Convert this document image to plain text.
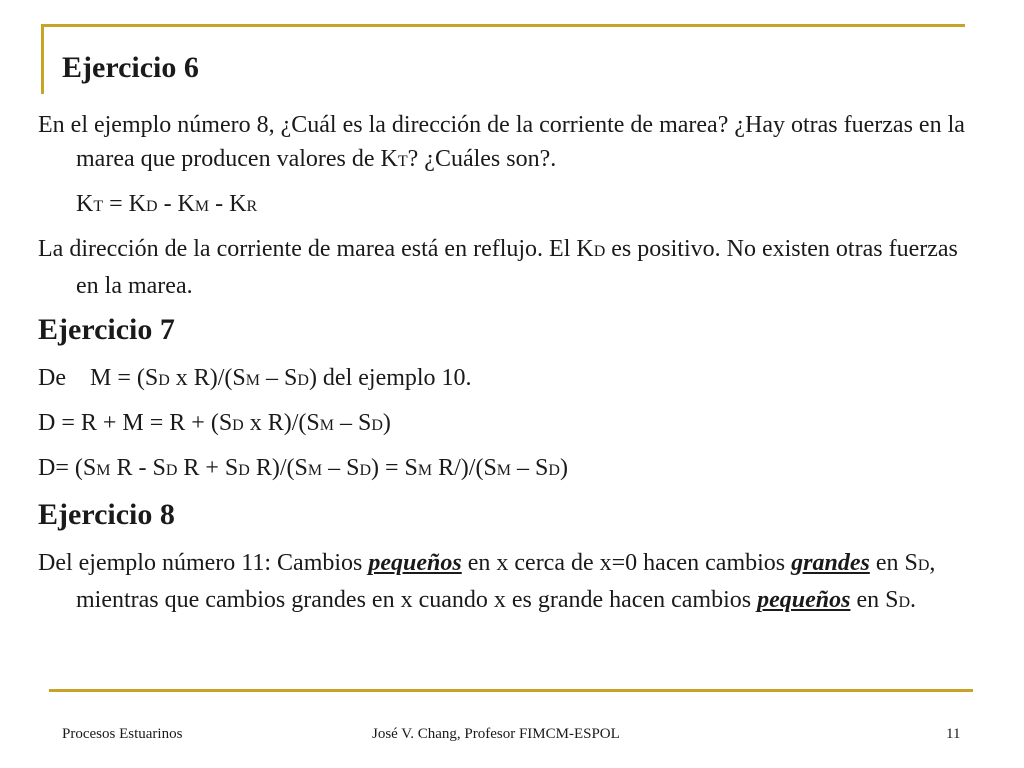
Ejercicio 6

En el ejemplo número 8, ¿Cuál es la dirección de la corriente de marea? ¿Hay otras fuerzas en la marea que producen valores de KT? ¿Cuáles son?.

KT = KD - KM - KR

La dirección de la corriente de marea está en reflujo. El KD es positivo. No existen otras fuerzas en la marea.

Ejercicio 7

De M = (SD x R)/(SM – SD) del ejemplo 10.

D = R + M = R + (SD x R)/(SM – SD)

D= (SM R - SD R + SD R)/(SM – SD) = SM R/)/(SM – SD)

Ejercicio 8

Del ejemplo número 11: Cambios pequeños en x cerca de x=0 hacen cambios grandes en SD, mientras que cambios grandes en x cuando x es grande hacen cambios pequeños en SD.

Procesos Estuarinos	José V. Chang, Profesor FIMCM-ESPOL	11
